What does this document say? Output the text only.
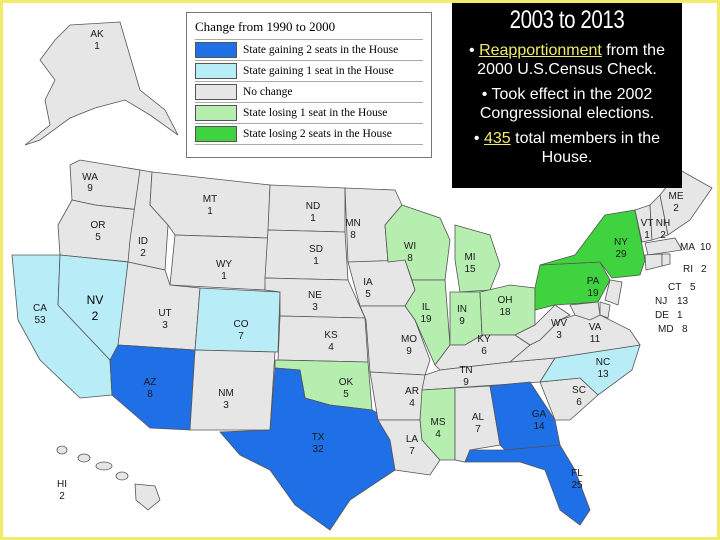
AK
1
HI
2
WA
9
OR
5
CA
53
ID
2
MT
1
WY
1
UT
3	CO
7
AZ
8	NM
3
ND
1
SD
1
NE
3
KS
4
OK
5
TX
32
MN
8
IA
5
MO
9
AR
4
LA
7
WI
8
IL
19
MI
15
IN
9
OH
18
KY
6
TN
9
MS
4
AL
7
GA
14
FL
25
SC
6
NC
13
VA
11
WV
3
PA
19
NY
29
VT
1
NH
2
ME
2
MA 10
RI 2
CT 5
NJ 13
DE 1
MD 8
NV
2
Change from 1990 to 2000
State gaining 2 seats in the House
State gaining 1 seat in the House
No change
State losing 1 seat in the House
State losing 2 seats in the House
2003 to 2013
• Reapportionment from the 2000 U.S.Census Check.
• Took effect in the 2002 Congressional elections.
• 435 total members in the House.
